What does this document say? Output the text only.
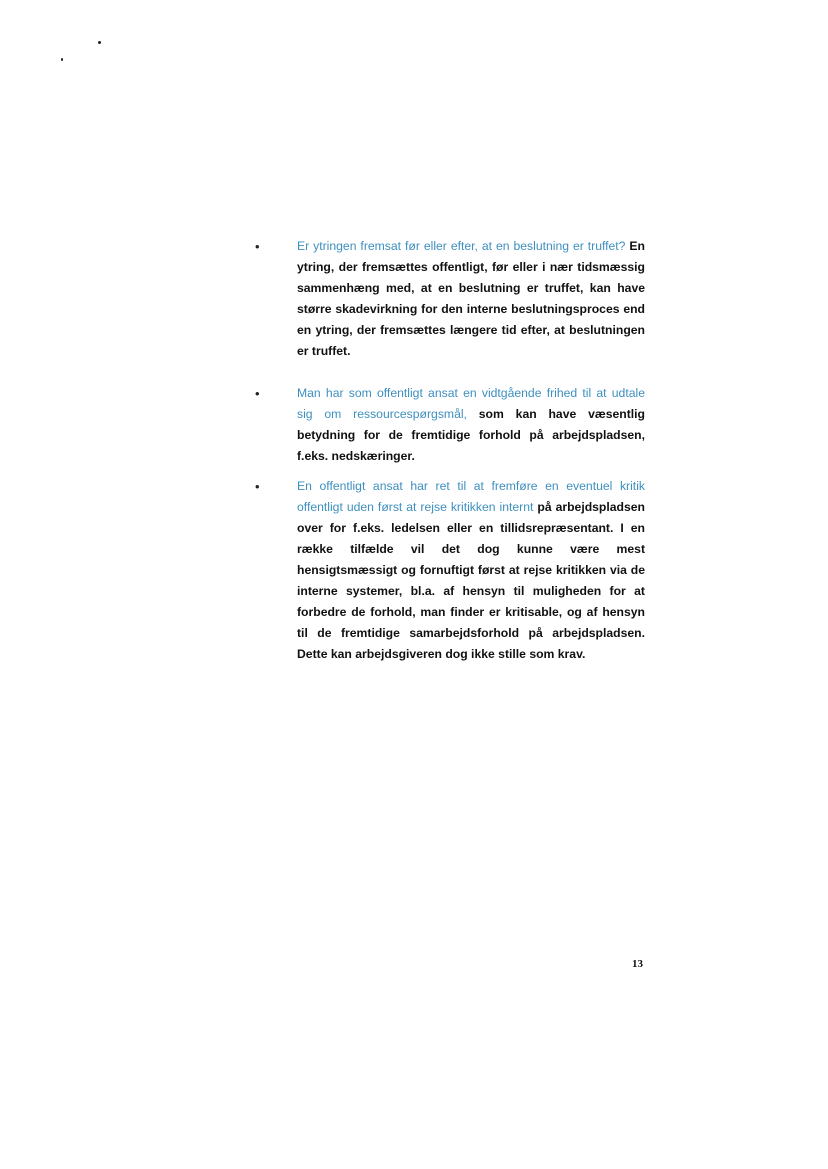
•	Er ytringen fremsat før eller efter, at en beslutning er truffet? En ytring, der fremsættes offentligt, før eller i nær tidsmæssig sammenhæng med, at en beslutning er truffet, kan have større skadevirkning for den interne beslutningsproces end en ytring, der fremsættes længere tid efter, at beslutningen er truffet.

•	Man har som offentligt ansat en vidtgående frihed til at udtale sig om ressourcespørgsmål, som kan have væsentlig betydning for de fremtidige forhold på arbejdspladsen, f.eks. nedskæringer.

•	En offentligt ansat har ret til at fremføre en eventuel kritik offentligt uden først at rejse kritikken internt på arbejdspladsen over for f.eks. ledelsen eller en tillidsrepræsentant. I en række tilfælde vil det dog kunne være mest hensigtsmæssigt og fornuftigt først at rejse kritikken via de interne systemer, bl.a. af hensyn til muligheden for at forbedre de forhold, man finder er kritisable, og af hensyn til de fremtidige samarbejdsforhold på arbejdspladsen. Dette kan arbejdsgiveren dog ikke stille som krav.

13
